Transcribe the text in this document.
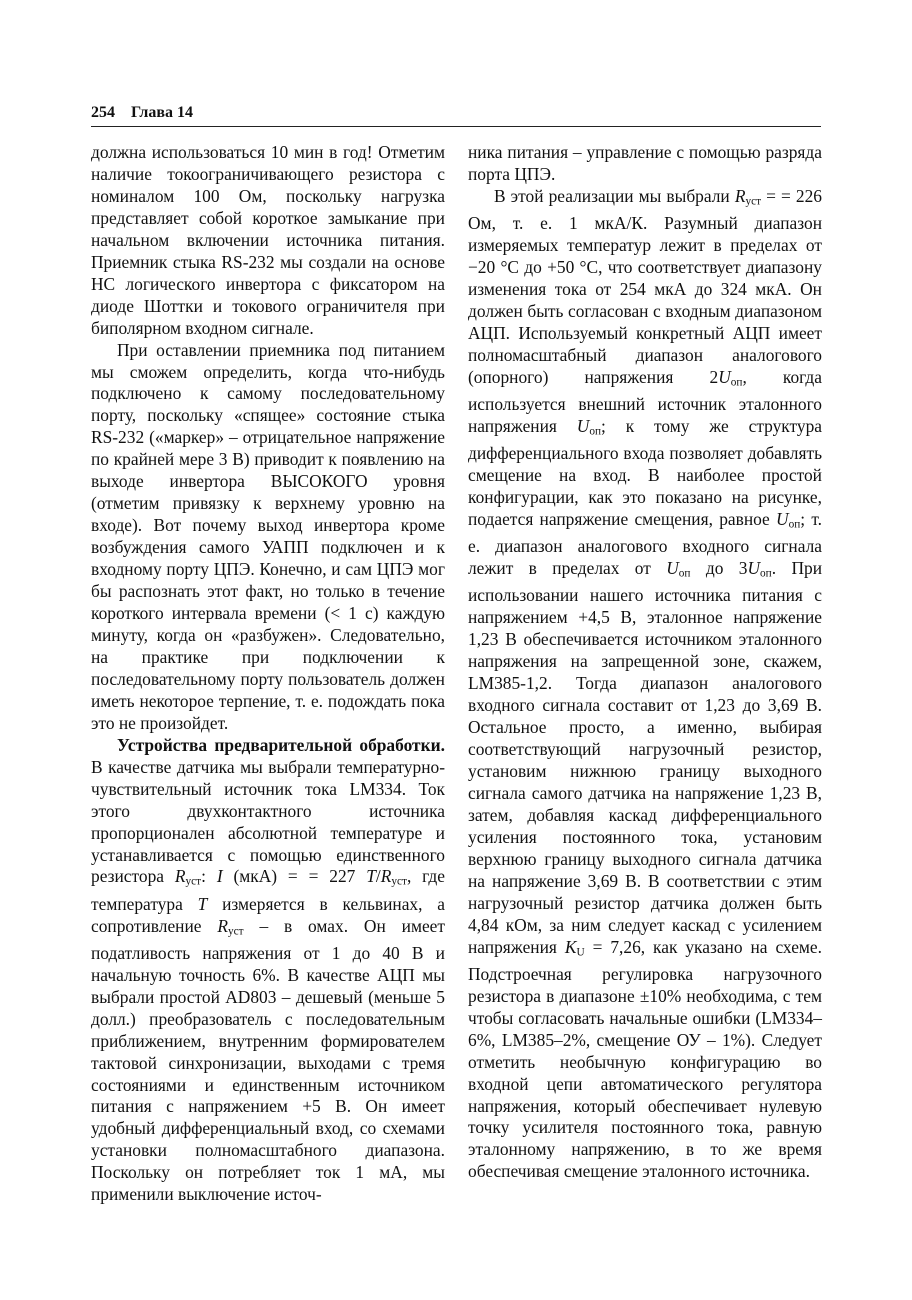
254 Глава 14

должна использоваться 10 мин в год! Отметим наличие токоограничивающего резистора с номиналом 100 Ом, поскольку нагрузка представляет собой короткое замыкание при начальном включении источника питания. Приемник стыка RS-232 мы создали на основе НС логического инвертора с фиксатором на диоде Шоттки и токового ограничителя при биполярном входном сигнале.

При оставлении приемника под питанием мы сможем определить, когда что-нибудь подключено к самому последовательному порту, поскольку «спящее» состояние стыка RS-232 («маркер» – отрицательное напряжение по крайней мере 3 В) приводит к появлению на выходе инвертора ВЫСОКОГО уровня (отметим привязку к верхнему уровню на входе). Вот почему выход инвертора кроме возбуждения самого УАПП подключен и к входному порту ЦПЭ. Конечно, и сам ЦПЭ мог бы распознать этот факт, но только в течение короткого интервала времени (< 1 с) каждую минуту, когда он «разбужен». Следовательно, на практике при подключении к последовательному порту пользователь должен иметь некоторое терпение, т. е. подождать пока это не произойдет.

Устройства предварительной обработки. В качестве датчика мы выбрали температурно-чувствительный источник тока LM334. Ток этого двухконтактного источника пропорционален абсолютной температуре и устанавливается с помощью единственного резистора $R_{уст}$: I (мкА) = = 227 $T/R_{уст}$, где температура T измеряется в кельвинах, а сопротивление $R_{уст}$ – в омах. Он имеет податливость напряжения от 1 до 40 В и начальную точность 6%. В качестве АЦП мы выбрали простой AD803 – дешевый (меньше 5 долл.) преобразователь с последовательным приближением, внутренним формирователем тактовой синхронизации, выходами с тремя состояниями и единственным источником питания с напряжением +5 В. Он имеет удобный дифференциальный вход, со схемами установки полномасштабного диапазона. Поскольку он потребляет ток 1 мА, мы применили выключение источ-

ника питания – управление с помощью разряда порта ЦПЭ.

В этой реализации мы выбрали $R_{уст}$ = = 226 Ом, т. е. 1 мкА/К. Разумный диапазон измеряемых температур лежит в пределах от −20 °С до +50 °С, что соответствует диапазону изменения тока от 254 мкА до 324 мкА. Он должен быть согласован с входным диапазоном АЦП. Используемый конкретный АЦП имеет полномасштабный диапазон аналогового (опорного) напряжения $2U_{оп}$, когда используется внешний источник эталонного напряжения $U_{оп}$; к тому же структура дифференциального входа позволяет добавлять смещение на вход. В наиболее простой конфигурации, как это показано на рисунке, подается напряжение смещения, равное $U_{оп}$; т. е. диапазон аналогового входного сигнала лежит в пределах от $U_{оп}$ до $3U_{оп}$. При использовании нашего источника питания с напряжением +4,5 В, эталонное напряжение 1,23 В обеспечивается источником эталонного напряжения на запрещенной зоне, скажем, LM385-1,2. Тогда диапазон аналогового входного сигнала составит от 1,23 до 3,69 В. Остальное просто, а именно, выбирая соответствующий нагрузочный резистор, установим нижнюю границу выходного сигнала самого датчика на напряжение 1,23 В, затем, добавляя каскад дифференциального усиления постоянного тока, установим верхнюю границу выходного сигнала датчика на напряжение 3,69 В. В соответствии с этим нагрузочный резистор датчика должен быть 4,84 кОм, за ним следует каскад с усилением напряжения $K_U = 7,26$, как указано на схеме. Подстроечная регулировка нагрузочного резистора в диапазоне ±10% необходима, с тем чтобы согласовать начальные ошибки (LM334–6%, LM385–2%, смещение ОУ – 1%). Следует отметить необычную конфигурацию во входной цепи автоматического регулятора напряжения, который обеспечивает нулевую точку усилителя постоянного тока, равную эталонному напряжению, в то же время обеспечивая смещение эталонного источника.
